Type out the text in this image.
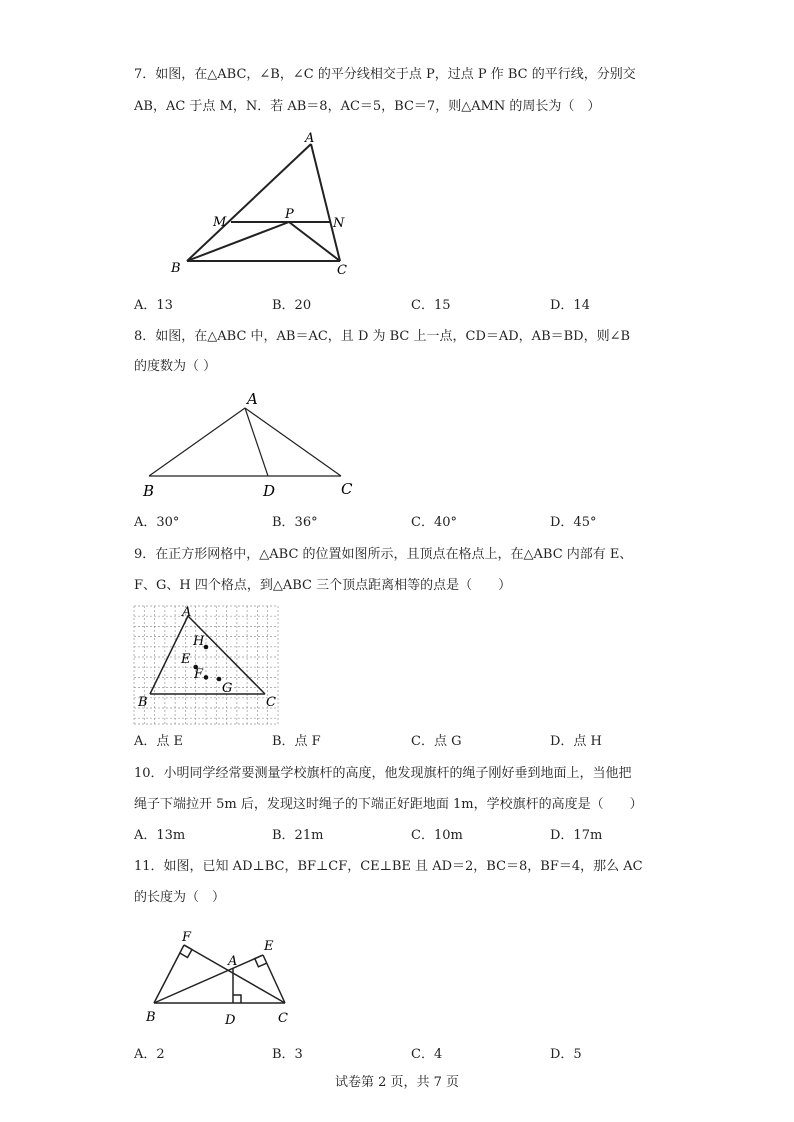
7．如图，在△ABC，∠B，∠C 的平分线相交于点 P，过点 P 作 BC 的平行线，分别交
AB，AC 于点 M，N．若 AB＝8，AC＝5，BC＝7，则△AMN 的周长为（　）
A
M
P
N
B	C
A．13	B．20	C．15	D．14
8．如图，在△ABC 中，AB＝AC，且 D 为 BC 上一点，CD＝AD，AB＝BD，则∠B
的度数为（ ）
A
B	D	C
A．30°	B．36°	C．40°	D．45°
9．在正方形网格中，△ABC 的位置如图所示，且顶点在格点上，在△ABC 内部有 E、
F、G、H 四个格点，到△ABC 三个顶点距离相等的点是（　　）
A
H
E
F
G
B	C
A．点 E	B．点 F	C．点 G	D．点 H
10．小明同学经常要测量学校旗杆的高度，他发现旗杆的绳子刚好垂到地面上，当他把
绳子下端拉开 5m 后，发现这时绳子的下端正好距地面 1m，学校旗杆的高度是（　　）
A．13m	B．21m	C．10m	D．17m
11．如图，已知 AD⊥BC，BF⊥CF，CE⊥BE 且 AD＝2，BC＝8，BF＝4，那么 AC
的长度为（　）
F
E
A
B	D	C
A．2	B．3	C．4	D．5
试卷第 2 页，共 7 页
